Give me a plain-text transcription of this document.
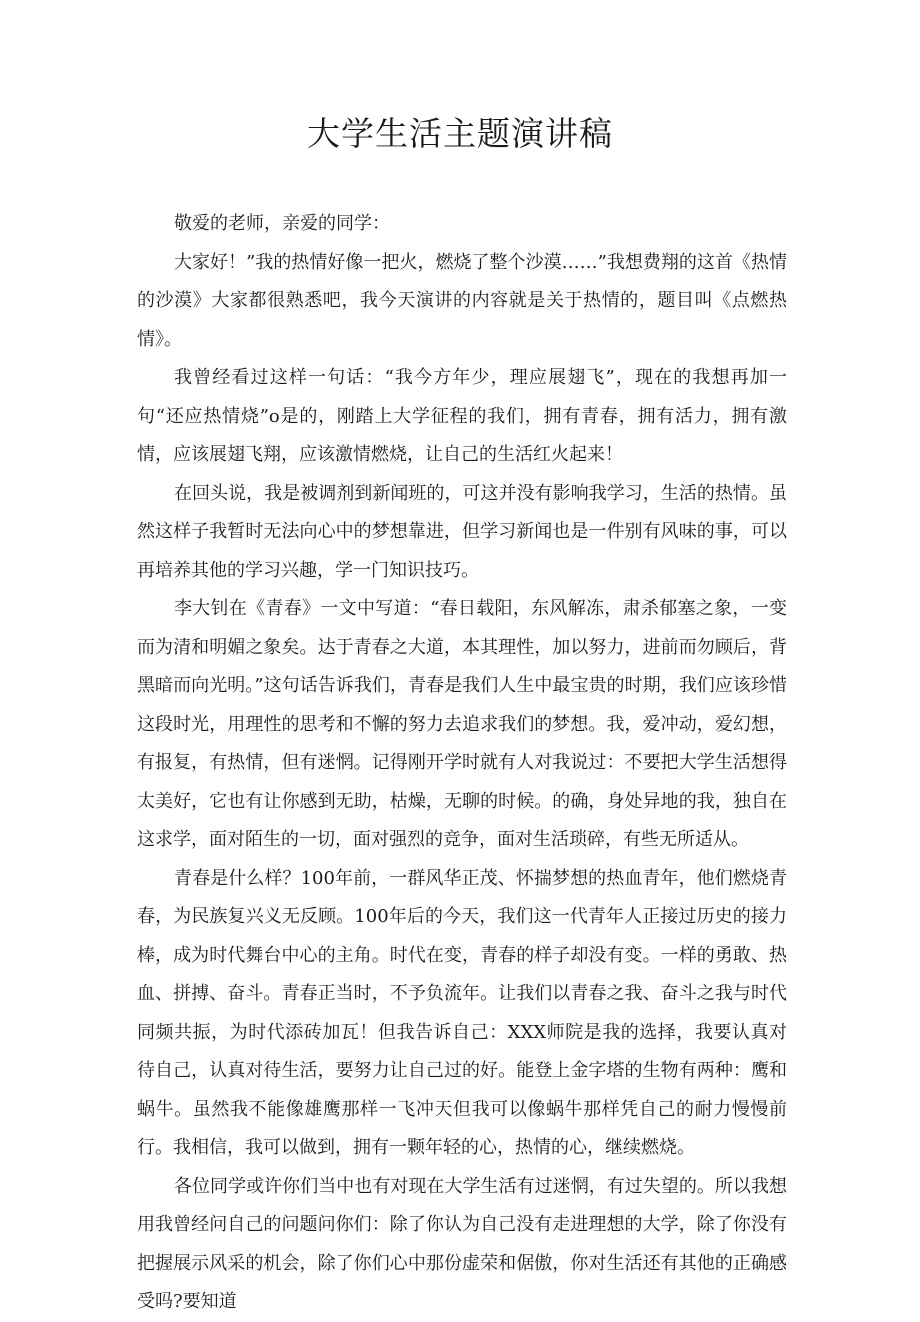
大学生活主题演讲稿

敬爱的老师，亲爱的同学：

大家好！”我的热情好像一把火，燃烧了整个沙漠……”我想费翔的这首《热情的沙漠》大家都很熟悉吧，我今天演讲的内容就是关于热情的，题目叫《点燃热情》。

我曾经看过这样一句话：“我今方年少，理应展翅飞”，现在的我想再加一句“还应热情烧”o是的，刚踏上大学征程的我们，拥有青春，拥有活力，拥有激情，应该展翅飞翔，应该激情燃烧，让自己的生活红火起来！

在回头说，我是被调剂到新闻班的，可这并没有影响我学习，生活的热情。虽然这样子我暂时无法向心中的梦想靠进，但学习新闻也是一件别有风味的事，可以再培养其他的学习兴趣，学一门知识技巧。

李大钊在《青春》一文中写道：“春日载阳，东风解冻，肃杀郁塞之象，一变而为清和明媚之象矣。达于青春之大道，本其理性，加以努力，进前而勿顾后，背黑暗而向光明。”这句话告诉我们，青春是我们人生中最宝贵的时期，我们应该珍惜这段时光，用理性的思考和不懈的努力去追求我们的梦想。我，爱冲动，爱幻想，有报复，有热情，但有迷惘。记得刚开学时就有人对我说过：不要把大学生活想得太美好，它也有让你感到无助，枯燥，无聊的时候。的确，身处异地的我，独自在这求学，面对陌生的一切，面对强烈的竞争，面对生活琐碎，有些无所适从。

青春是什么样？100年前，一群风华正茂、怀揣梦想的热血青年，他们燃烧青春，为民族复兴义无反顾。100年后的今天，我们这一代青年人正接过历史的接力棒，成为时代舞台中心的主角。时代在变，青春的样子却没有变。一样的勇敢、热血、拼搏、奋斗。青春正当时，不予负流年。让我们以青春之我、奋斗之我与时代同频共振，为时代添砖加瓦！但我告诉自己：XXX师院是我的选择，我要认真对待自己，认真对待生活，要努力让自己过的好。能登上金字塔的生物有两种：鹰和蜗牛。虽然我不能像雄鹰那样一飞冲天但我可以像蜗牛那样凭自己的耐力慢慢前行。我相信，我可以做到，拥有一颗年轻的心，热情的心，继续燃烧。

各位同学或许你们当中也有对现在大学生活有过迷惘，有过失望的。所以我想用我曾经问自己的问题问你们：除了你认为自己没有走进理想的大学，除了你没有把握展示风采的机会，除了你们心中那份虚荣和倨傲，你对生活还有其他的正确感受吗?要知道
